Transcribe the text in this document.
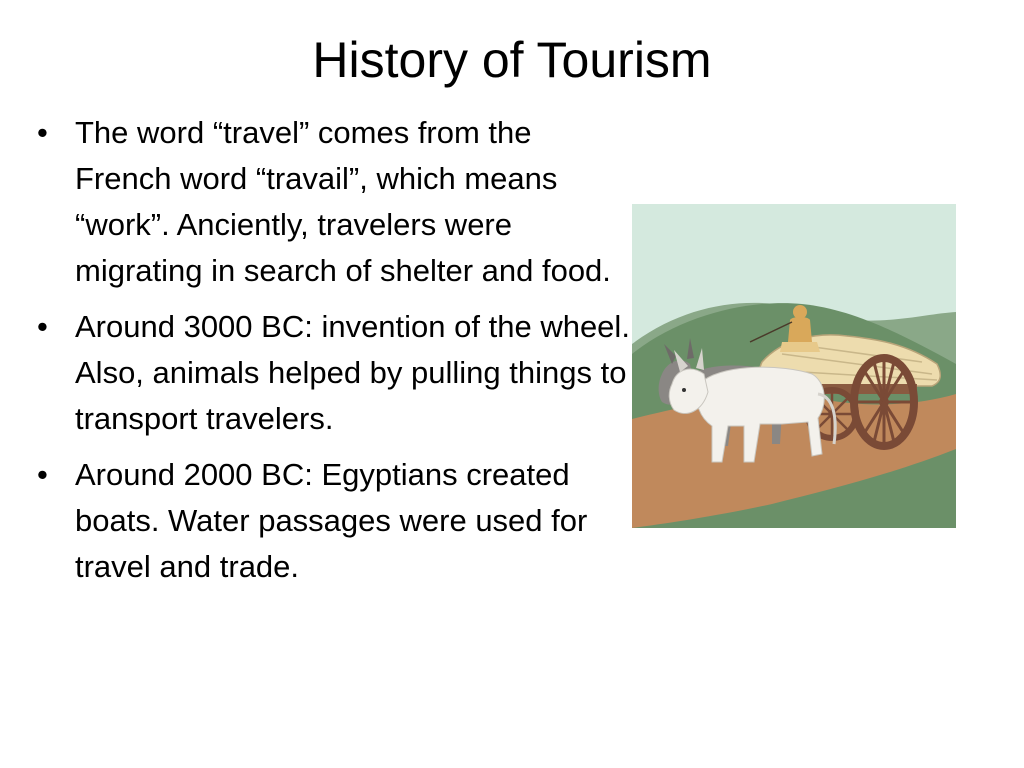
History of Tourism
• The word “travel” comes from the French word “travail”, which means “work”. Anciently, travelers were migrating in search of shelter and food.
• Around 3000 BC: invention of the wheel. Also, animals helped by pulling things to transport travelers.
• Around 2000 BC: Egyptians created boats. Water passages were used for travel and trade.
